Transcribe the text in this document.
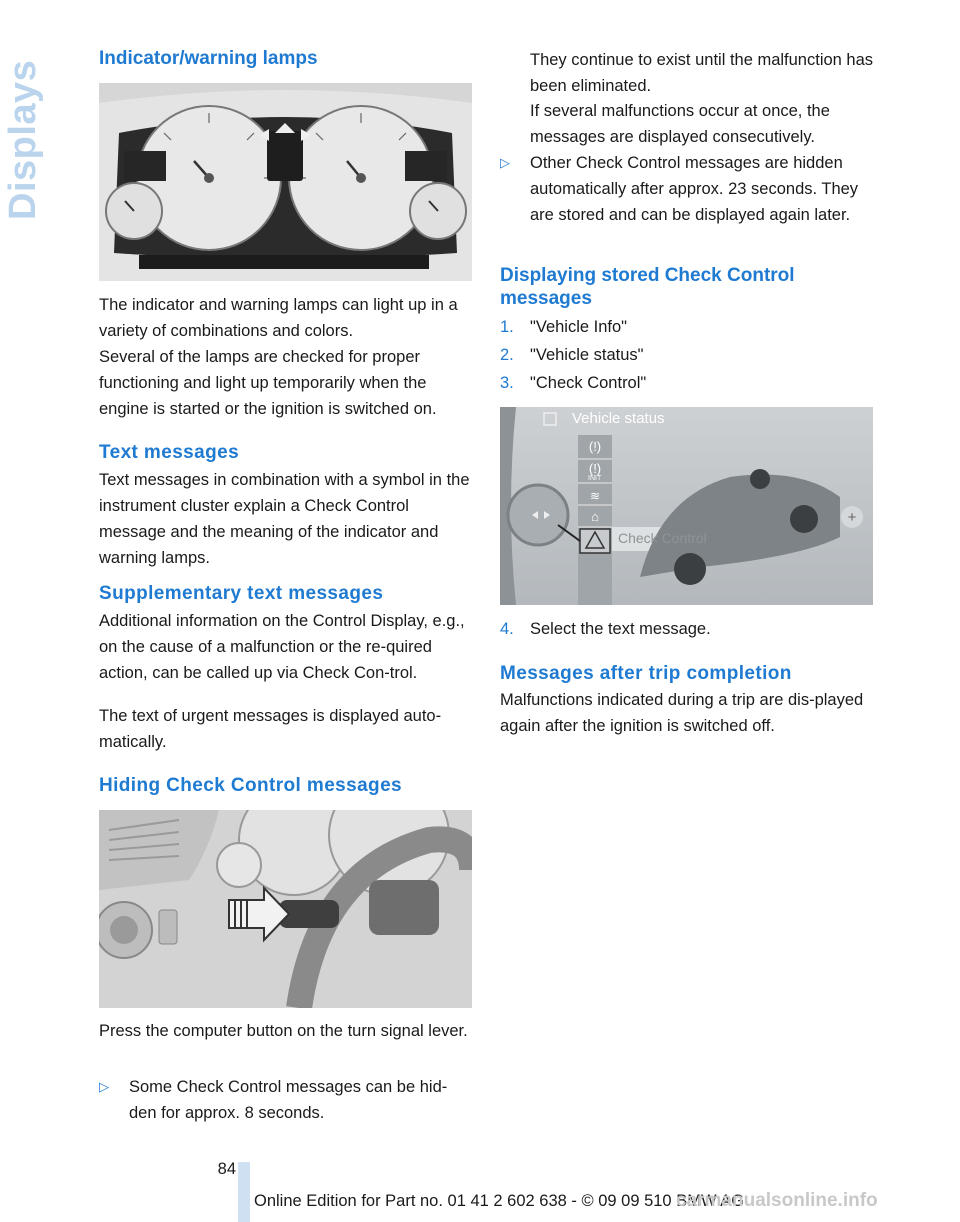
Displays
Indicator/warning lamps
The indicator and warning lamps can light up in a variety of combinations and colors.
Several of the lamps are checked for proper functioning and light up temporarily when the engine is started or the ignition is switched on.
Text messages
Text messages in combination with a symbol in the instrument cluster explain a Check Control message and the meaning of the indicator and warning lamps.
Supplementary text messages
Additional information on the Control Display, e.g., on the cause of a malfunction or the re-quired action, can be called up via Check Con-trol.
The text of urgent messages is displayed auto-matically.
Hiding Check Control messages
Press the computer button on the turn signal lever.
▷ Some Check Control messages can be hid-den for approx. 8 seconds.
They continue to exist until the malfunction has been eliminated.
If several malfunctions occur at once, the messages are displayed consecutively.
▷ Other Check Control messages are hidden automatically after approx. 23 seconds. They are stored and can be displayed again later.
Displaying stored Check Control messages
1. "Vehicle Info"
2. "Vehicle status"
3. "Check Control"
(!)
(!)
≋
⌂	+
Vehicle status
Check Control
INIT
4. Select the text message.
Messages after trip completion
Malfunctions indicated during a trip are dis-played again after the ignition is switched off.
84
Online Edition for Part no. 01 41 2 602 638 - © 09 09 510 BMW AG
carmanualsonline.info
